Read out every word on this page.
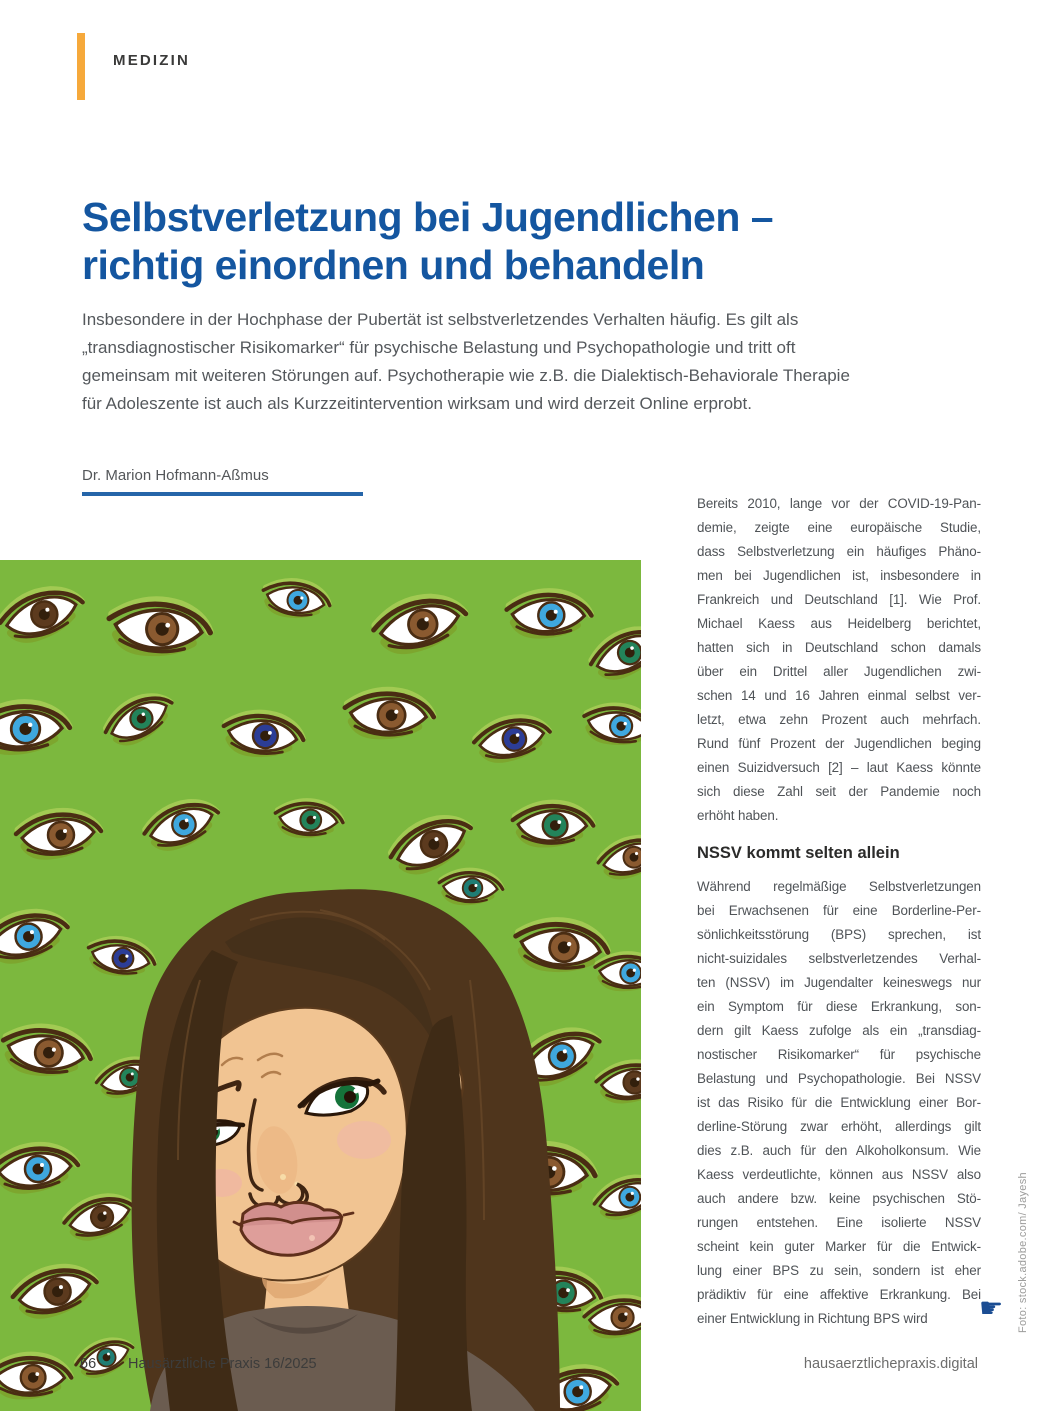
MEDIZIN
Selbstverletzung bei Jugendlichen –
richtig einordnen und behandeln
Insbesondere in der Hochphase der Pubertät ist selbstverletzendes Verhalten häufig. Es gilt als
„transdiagnostischer Risikomarker“ für psychische Belastung und Psychopathologie und tritt oft
gemeinsam mit weiteren Störungen auf. Psychotherapie wie z.B. die Dialektisch-Behaviorale Therapie
für Adoleszente ist auch als Kurzzeitintervention wirksam und wird derzeit Online erprobt.
Dr. Marion Hofmann-Aßmus
Bereits 2010, lange vor der COVID-19-Pan-
demie, zeigte eine europäische Studie,
dass Selbstverletzung ein häufiges Phäno-
men bei Jugendlichen ist, insbesondere in
Frankreich und Deutschland [1]. Wie Prof.
Michael Kaess aus Heidelberg berichtet,
hatten sich in Deutschland schon damals
über ein Drittel aller Jugendlichen zwi-
schen 14 und 16 Jahren einmal selbst ver-
letzt, etwa zehn Prozent auch mehrfach.
Rund fünf Prozent der Jugendlichen beging
einen Suizidversuch [2] – laut Kaess könnte
sich diese Zahl seit der Pandemie noch
erhöht haben.
NSSV kommt selten allein
Während regelmäßige Selbstverletzungen
bei Erwachsenen für eine Borderline-Per-
sönlichkeitsstörung (BPS) sprechen, ist
nicht-suizidales selbstverletzendes Verhal-
ten (NSSV) im Jugendalter keineswegs nur
ein Symptom für diese Erkrankung, son-
dern gilt Kaess zufolge als ein „transdiag-
nostischer Risikomarker“ für psychische
Belastung und Psychopathologie. Bei NSSV
ist das Risiko für die Entwicklung einer Bor-
derline-Störung zwar erhöht, allerdings gilt
dies z.B. auch für den Alkoholkonsum. Wie
Kaess verdeutlichte, können aus NSSV also
auch andere bzw. keine psychischen Stö-
rungen entstehen. Eine isolierte NSSV
scheint kein guter Marker für die Entwick-
lung einer BPS zu sein, sondern ist eher
prädiktiv für eine affektive Erkrankung. Bei
einer Entwicklung in Richtung BPS wird	☛ Foto: stock.adobe.com/ Jayesh
66 Hausärztliche Praxis 16/2025	hausaerztlichepraxis.digital
